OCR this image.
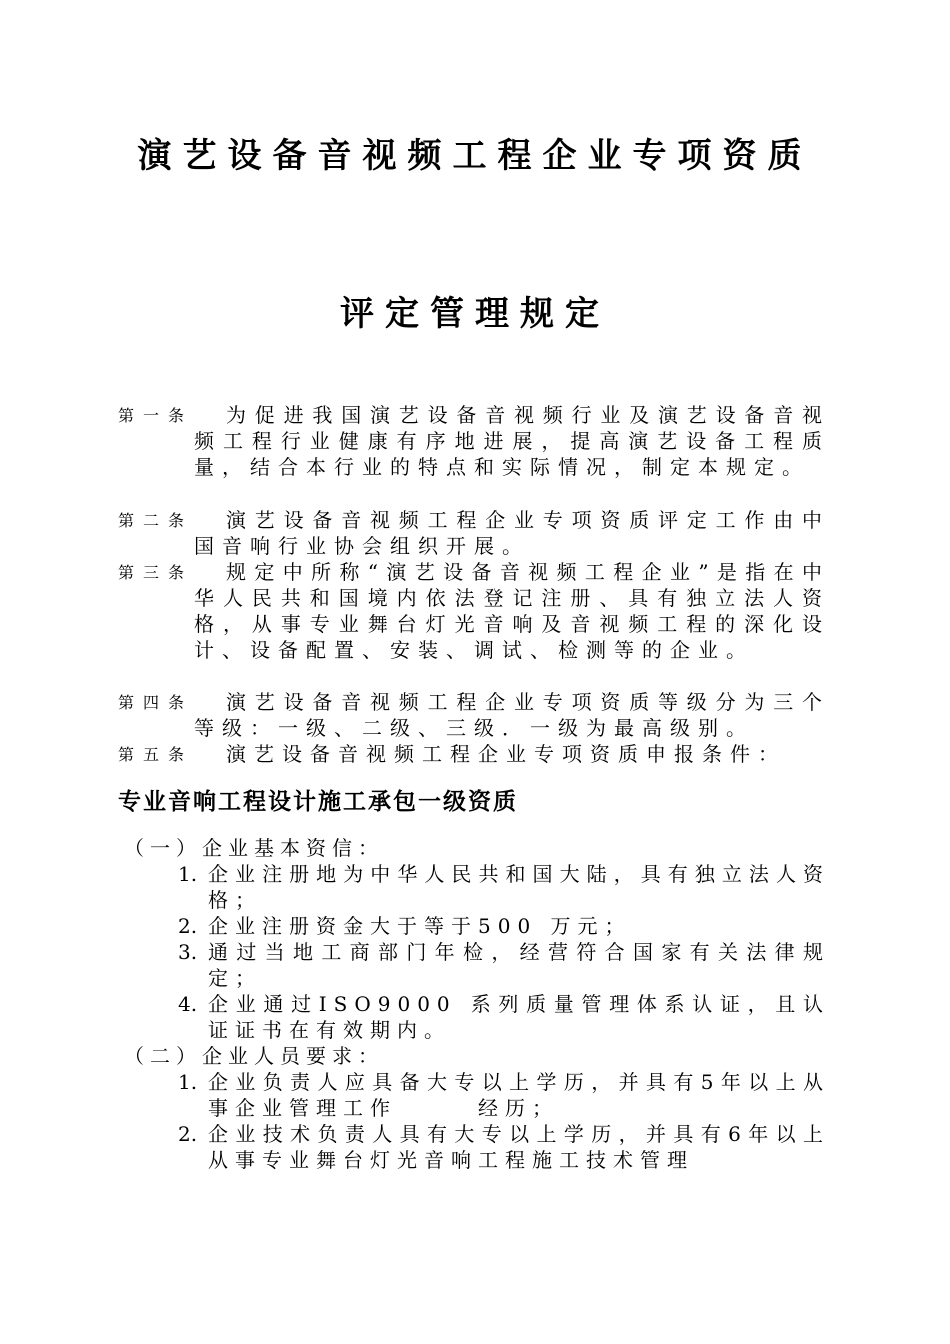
演艺设备音视频工程企业专项资质
评定管理规定
第一条	为促进我国演艺设备音视频行业及演艺设备音视频工程行业健康有序地进展，提高演艺设备工程质量，结合本行业的特点和实际情况，制定本规定。
第二条	演艺设备音视频工程企业专项资质评定工作由中国音响行业协会组织开展。
第三条	规定中所称“演艺设备音视频工程企业”是指在中华人民共和国境内依法登记注册、具有独立法人资格，从事专业舞台灯光音响及音视频工程的深化设计、设备配置、安装、调试、检测等的企业。
第四条	演艺设备音视频工程企业专项资质等级分为三个等级：一级、二级、三级．一级为最高级别。
第五条	演艺设备音视频工程企业专项资质申报条件：
专业音响工程设计施工承包一级资质
（一）企业基本资信：
1. 企业注册地为中华人民共和国大陆，具有独立法人资格；
2. 企业注册资金大于等于500 万元；
3. 通过当地工商部门年检，经营符合国家有关法律规定；
4. 企业通过ISO9000 系列质量管理体系认证，且认证证书在有效期内。
（二）企业人员要求：
1. 企业负责人应具备大专以上学历，并具有5年以上从事企业管理工作　　　经历；
2. 企业技术负责人具有大专以上学历，并具有6年以上从事专业舞台灯光音响工程施工技术管理
